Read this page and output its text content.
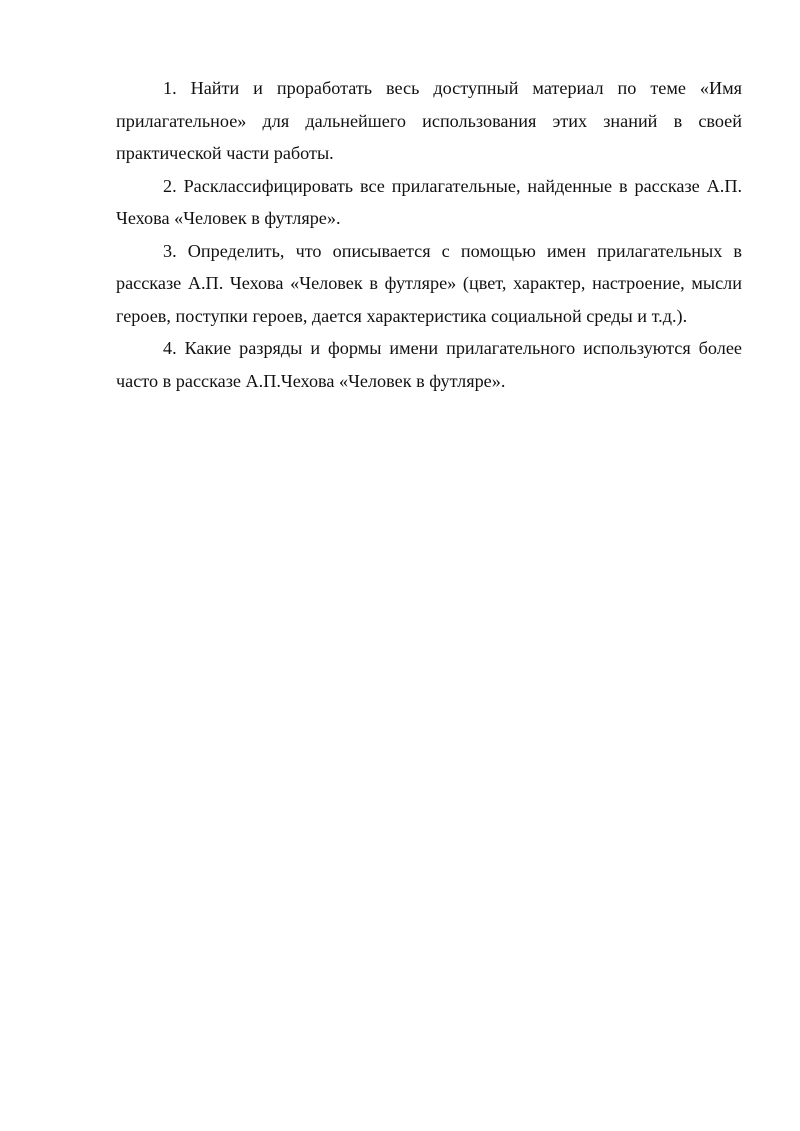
1. Найти и проработать весь доступный материал по теме «Имя прилагательное» для дальнейшего использования этих знаний в своей практической части работы.

2. Расклассифицировать все прилагательные, найденные в рассказе А.П. Чехова «Человек в футляре».

3. Определить, что описывается с помощью имен прилагательных в рассказе А.П. Чехова «Человек в футляре» (цвет, характер, настроение, мысли героев, поступки героев, дается характеристика социальной среды и т.д.).

4. Какие разряды и формы имени прилагательного используются более часто в рассказе А.П.Чехова «Человек в футляре».
